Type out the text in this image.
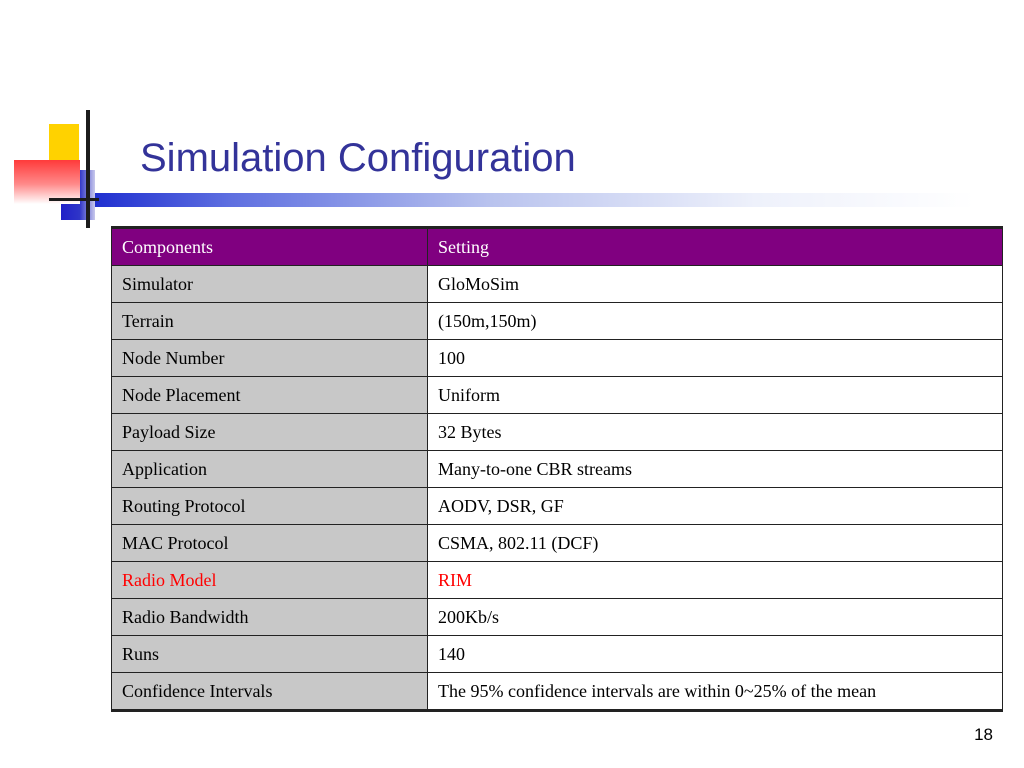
Simulation Configuration
Components	Setting
Simulator	GloMoSim
Terrain	(150m,150m)
Node Number	100
Node Placement	Uniform
Payload Size	32 Bytes
Application	Many-to-one CBR streams
Routing Protocol	AODV, DSR, GF
MAC Protocol	CSMA, 802.11 (DCF)
Radio Model	RIM
Radio Bandwidth	200Kb/s
Runs	140
Confidence Intervals	The 95% confidence intervals are within 0~25% of the mean
18
